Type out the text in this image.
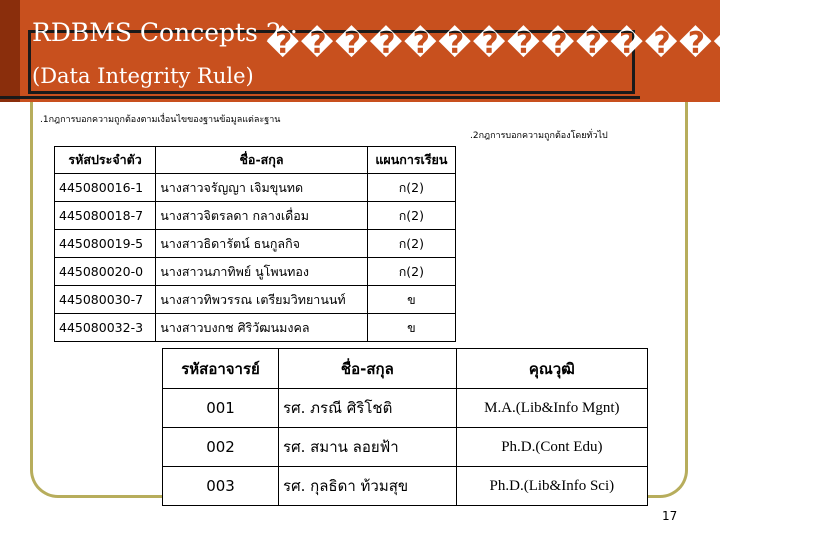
RDBMS Concepts 2 :
����������������
(Data Integrity Rule)
.1กฎการบอกความถูกต้องตามเงื่อนไขของฐานข้อมูลแต่ละฐาน
.2กฎการบอกความถูกต้องโดยทั่วไป
รหัสประจำตัว	ชื่อ-สกุล	แผนการเรียน
445080016-1	นางสาวจรัญญา เจิมขุนทด	ก(2)
445080018-7	นางสาวจิตรลดา กลางเดื่อม	ก(2)
445080019-5	นางสาวธิดารัตน์ ธนกูลกิจ	ก(2)
445080020-0	นางสาวนภาทิพย์ นูโพนทอง	ก(2)
445080030-7	นางสาวทิพวรรณ เตรียมวิทยานนท์	ข
445080032-3	นางสาวบงกช ศิริวัฒนมงคล	ข
รหัสอาจารย์	ชื่อ-สกุล	คุณวุฒิ
001	รศ. ภรณี ศิริโชติ	M.A.(Lib&Info Mgnt)
002	รศ. สมาน ลอยฟ้า	Ph.D.(Cont Edu)
003	รศ. กุลธิดา ท้วมสุข	Ph.D.(Lib&Info Sci)
17
